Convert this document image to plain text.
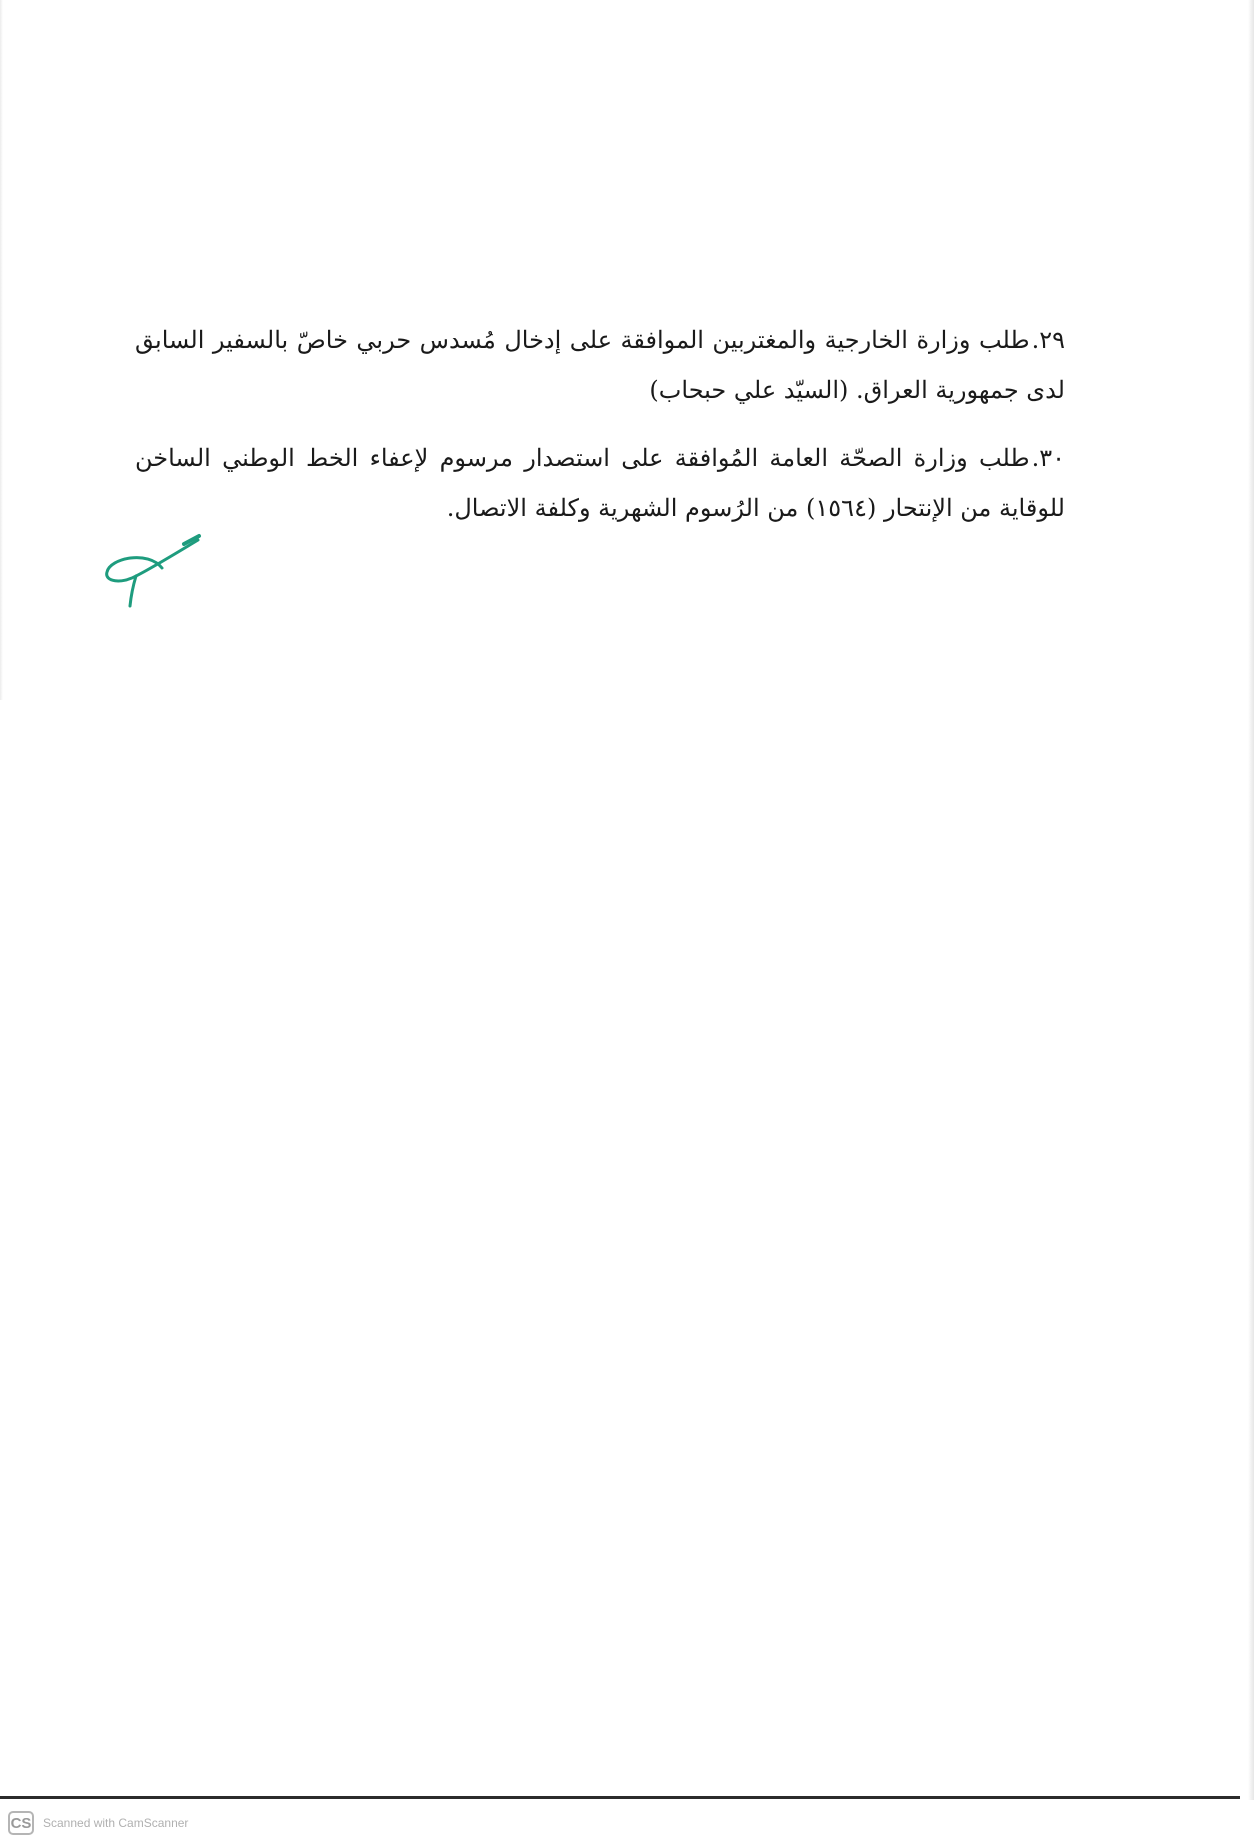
٢٩.طلب وزارة الخارجية والمغتربين الموافقة على إدخال مُسدس حربي خاصّ بالسفير السابق لدى جمهورية العراق. (السيّد علي حبحاب)

٣٠.طلب وزارة الصحّة العامة المُوافقة على استصدار مرسوم لإعفاء الخط الوطني الساخن للوقاية من الإنتحار (١٥٦٤) من الرُسوم الشهرية وكلفة الاتصال.

CS Scanned with CamScanner
